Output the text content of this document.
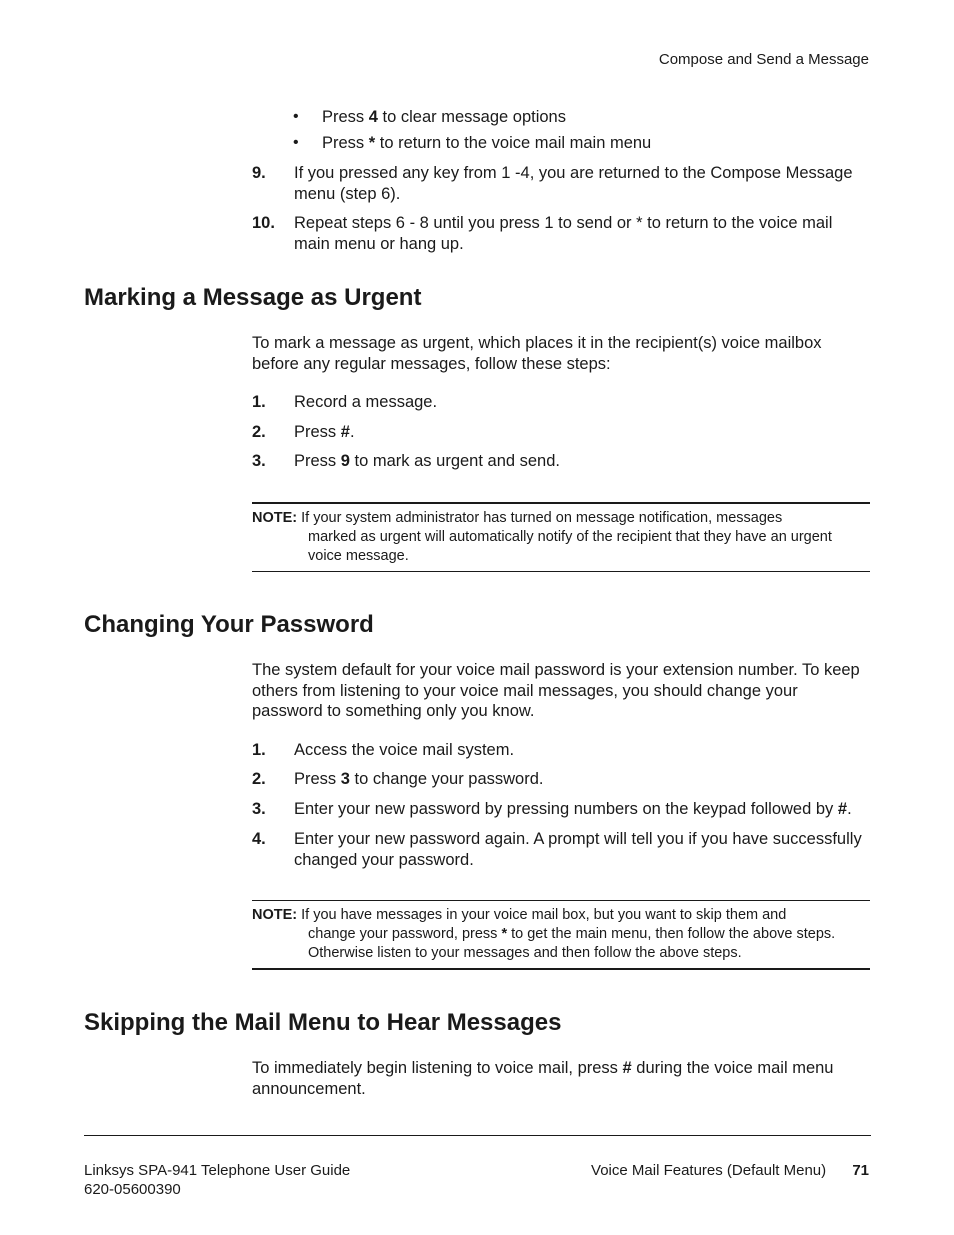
Compose and Send a Message
• Press 4 to clear message options
• Press * to return to the voice mail main menu
9. If you pressed any key from 1 -4, you are returned to the Compose Message
menu (step 6).
10. Repeat steps 6 - 8 until you press 1 to send or * to return to the voice mail
main menu or hang up.
Marking a Message as Urgent
To mark a message as urgent, which places it in the recipient(s) voice mailbox
before any regular messages, follow these steps:
1. Record a message.
2. Press #.
3. Press 9 to mark as urgent and send.
NOTE: If your system administrator has turned on message notification, messages
marked as urgent will automatically notify of the recipient that they have an urgent
voice message.
Changing Your Password
The system default for your voice mail password is your extension number. To keep
others from listening to your voice mail messages, you should change your
password to something only you know.
1. Access the voice mail system.
2. Press 3 to change your password.
3. Enter your new password by pressing numbers on the keypad followed by #.
4. Enter your new password again. A prompt will tell you if you have successfully
changed your password.
NOTE: If you have messages in your voice mail box, but you want to skip them and
change your password, press * to get the main menu, then follow the above steps.
Otherwise listen to your messages and then follow the above steps.
Skipping the Mail Menu to Hear Messages
To immediately begin listening to voice mail, press # during the voice mail menu
announcement.
Linksys SPA-941 Telephone User Guide
620-05600390
Voice Mail Features (Default Menu) 71
